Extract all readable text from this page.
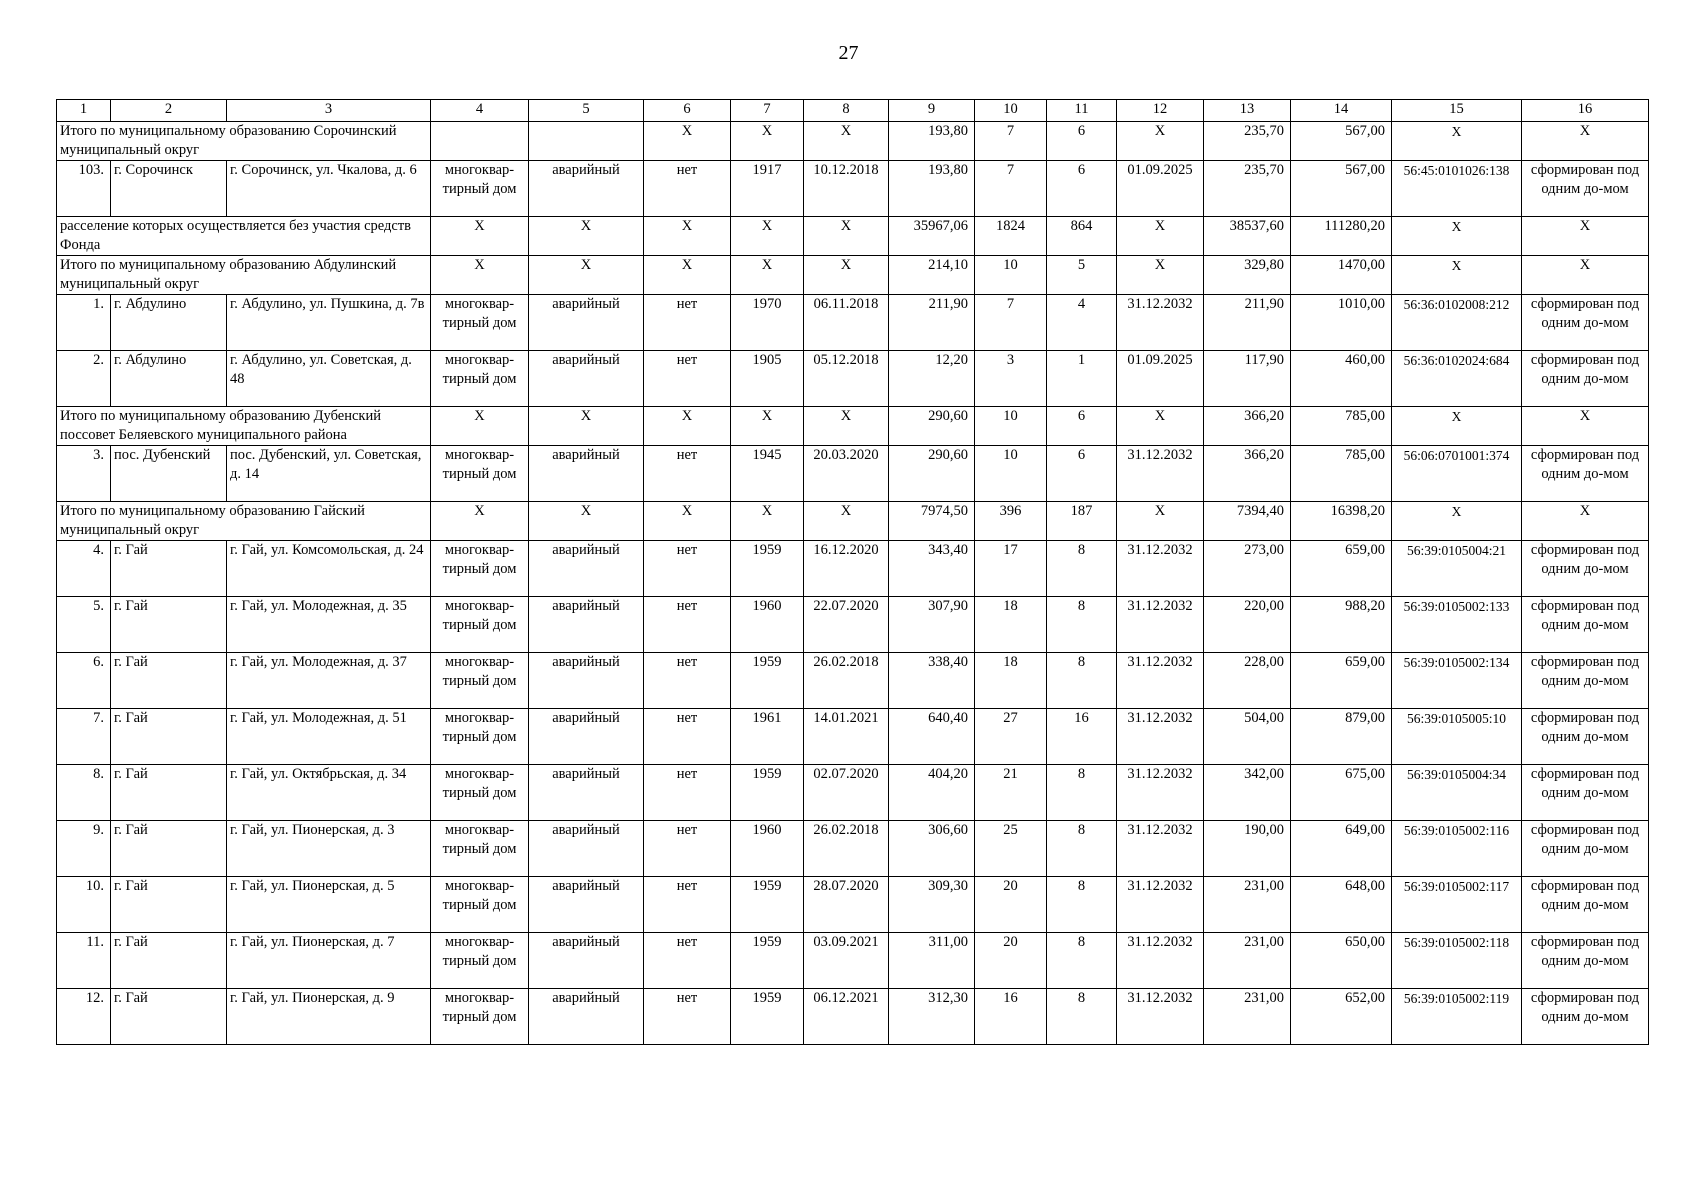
27
1	2	3	4	5	6	7	8	9	10	11	12	13	14	15	16
Итого по муниципальному образованию Сорочинский муниципальный округ					X	X	X	193,80	7	6	X	235,70	567,00	X	X
103.	г. Сорочинск	г. Сорочинск, ул. Чкалова, д. 6	многоквар-тирный дом	аварийный	нет	1917	10.12.2018	193,80	7	6	01.09.2025	235,70	567,00	56:45:0101026:138	сформирован под одним до-мом
расселение которых осуществляется без участия средств Фонда			X	X	X	X	X	35967,06	1824	864	X	38537,60	111280,20	X	X
Итого по муниципальному образованию Абдулинский муниципальный округ			X	X	X	X	X	214,10	10	5	X	329,80	1470,00	X	X
1.	г. Абдулино	г. Абдулино, ул. Пушкина, д. 7в	многоквар-тирный дом	аварийный	нет	1970	06.11.2018	211,90	7	4	31.12.2032	211,90	1010,00	56:36:0102008:212	сформирован под одним до-мом
2.	г. Абдулино	г. Абдулино, ул. Советская, д. 48	многоквар-тирный дом	аварийный	нет	1905	05.12.2018	12,20	3	1	01.09.2025	117,90	460,00	56:36:0102024:684	сформирован под одним до-мом
Итого по муниципальному образованию Дубенский поссовет Беляевского муниципального района			X	X	X	X	X	290,60	10	6	X	366,20	785,00	X	X
3.	пос. Дубенский	пос. Дубенский, ул. Советская, д. 14	многоквар-тирный дом	аварийный	нет	1945	20.03.2020	290,60	10	6	31.12.2032	366,20	785,00	56:06:0701001:374	сформирован под одним до-мом
Итого по муниципальному образованию Гайский муниципальный округ			X	X	X	X	X	7974,50	396	187	X	7394,40	16398,20	X	X
4.	г. Гай	г. Гай, ул. Комсомольская, д. 24	многоквар-тирный дом	аварийный	нет	1959	16.12.2020	343,40	17	8	31.12.2032	273,00	659,00	56:39:0105004:21	сформирован под одним до-мом
5.	г. Гай	г. Гай, ул. Молодежная, д. 35	многоквар-тирный дом	аварийный	нет	1960	22.07.2020	307,90	18	8	31.12.2032	220,00	988,20	56:39:0105002:133	сформирован под одним до-мом
6.	г. Гай	г. Гай, ул. Молодежная, д. 37	многоквар-тирный дом	аварийный	нет	1959	26.02.2018	338,40	18	8	31.12.2032	228,00	659,00	56:39:0105002:134	сформирован под одним до-мом
7.	г. Гай	г. Гай, ул. Молодежная, д. 51	многоквар-тирный дом	аварийный	нет	1961	14.01.2021	640,40	27	16	31.12.2032	504,00	879,00	56:39:0105005:10	сформирован под одним до-мом
8.	г. Гай	г. Гай, ул. Октябрьская, д. 34	многоквар-тирный дом	аварийный	нет	1959	02.07.2020	404,20	21	8	31.12.2032	342,00	675,00	56:39:0105004:34	сформирован под одним до-мом
9.	г. Гай	г. Гай, ул. Пионерская, д. 3	многоквар-тирный дом	аварийный	нет	1960	26.02.2018	306,60	25	8	31.12.2032	190,00	649,00	56:39:0105002:116	сформирован под одним до-мом
10.	г. Гай	г. Гай, ул. Пионерская, д. 5	многоквар-тирный дом	аварийный	нет	1959	28.07.2020	309,30	20	8	31.12.2032	231,00	648,00	56:39:0105002:117	сформирован под одним до-мом
11.	г. Гай	г. Гай, ул. Пионерская, д. 7	многоквар-тирный дом	аварийный	нет	1959	03.09.2021	311,00	20	8	31.12.2032	231,00	650,00	56:39:0105002:118	сформирован под одним до-мом
12.	г. Гай	г. Гай, ул. Пионерская, д. 9	многоквар-тирный дом	аварийный	нет	1959	06.12.2021	312,30	16	8	31.12.2032	231,00	652,00	56:39:0105002:119	сформирован под одним до-мом
